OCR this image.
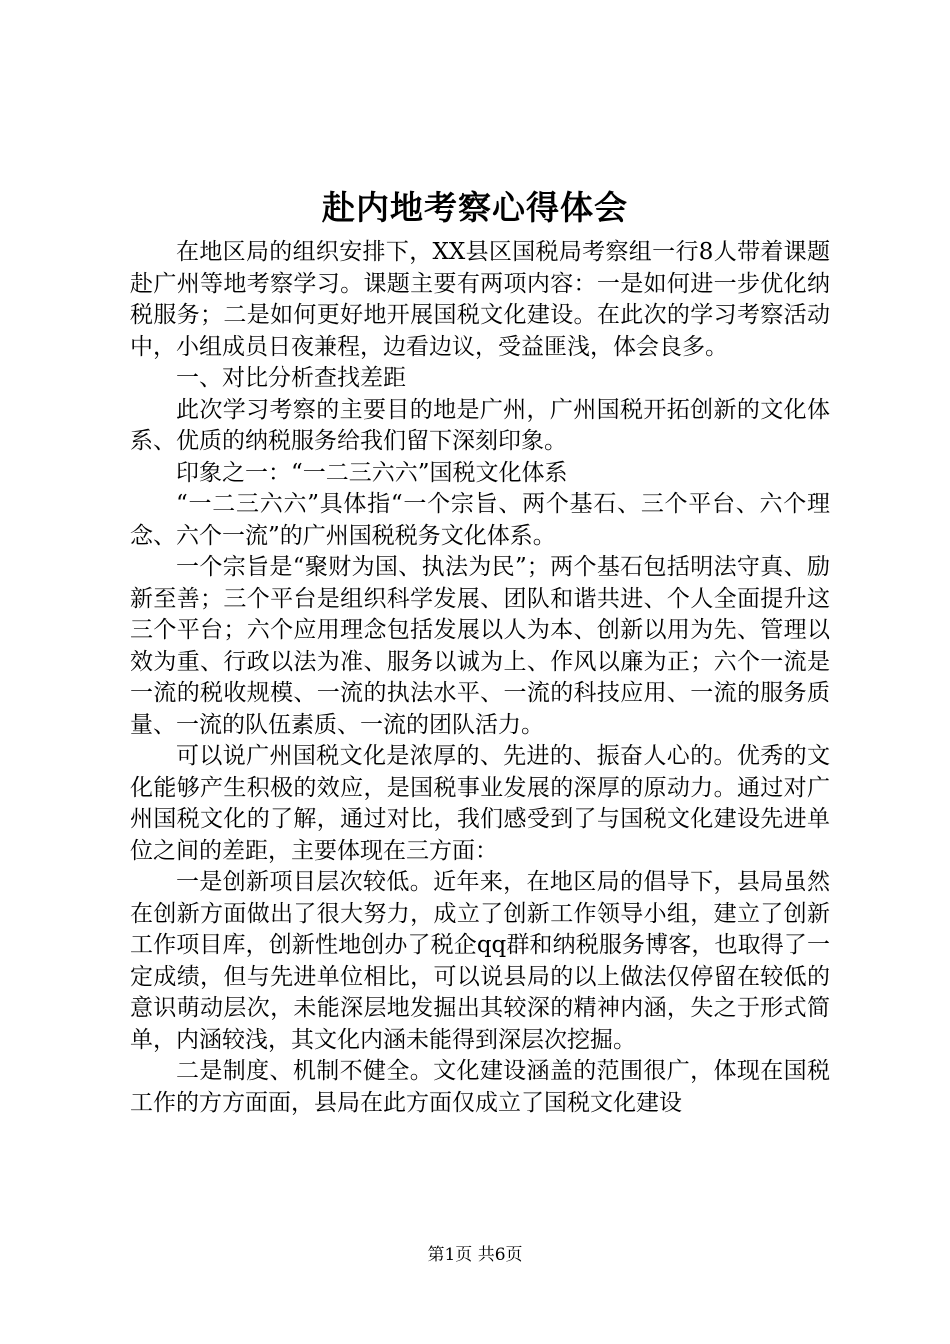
赴内地考察心得体会

在地区局的组织安排下，XX县区国税局考察组一行8人带着课题赴广州等地考察学习。课题主要有两项内容：一是如何进一步优化纳税服务；二是如何更好地开展国税文化建设。在此次的学习考察活动中，小组成员日夜兼程，边看边议，受益匪浅，体会良多。

一、对比分析查找差距

此次学习考察的主要目的地是广州，广州国税开拓创新的文化体系、优质的纳税服务给我们留下深刻印象。

印象之一：“一二三六六”国税文化体系

“一二三六六”具体指“一个宗旨、两个基石、三个平台、六个理念、六个一流”的广州国税税务文化体系。

一个宗旨是“聚财为国、执法为民”；两个基石包括明法守真、励新至善；三个平台是组织科学发展、团队和谐共进、个人全面提升这三个平台；六个应用理念包括发展以人为本、创新以用为先、管理以效为重、行政以法为准、服务以诚为上、作风以廉为正；六个一流是一流的税收规模、一流的执法水平、一流的科技应用、一流的服务质量、一流的队伍素质、一流的团队活力。

可以说广州国税文化是浓厚的、先进的、振奋人心的。优秀的文化能够产生积极的效应，是国税事业发展的深厚的原动力。通过对广州国税文化的了解，通过对比，我们感受到了与国税文化建设先进单位之间的差距，主要体现在三方面：

一是创新项目层次较低。近年来，在地区局的倡导下，县局虽然在创新方面做出了很大努力，成立了创新工作领导小组，建立了创新工作项目库，创新性地创办了税企qq群和纳税服务博客，也取得了一定成绩，但与先进单位相比，可以说县局的以上做法仅停留在较低的意识萌动层次，未能深层地发掘出其较深的精神内涵，失之于形式简单，内涵较浅，其文化内涵未能得到深层次挖掘。

二是制度、机制不健全。文化建设涵盖的范围很广，体现在国税工作的方方面面，县局在此方面仅成立了国税文化建设

第1页 共6页
